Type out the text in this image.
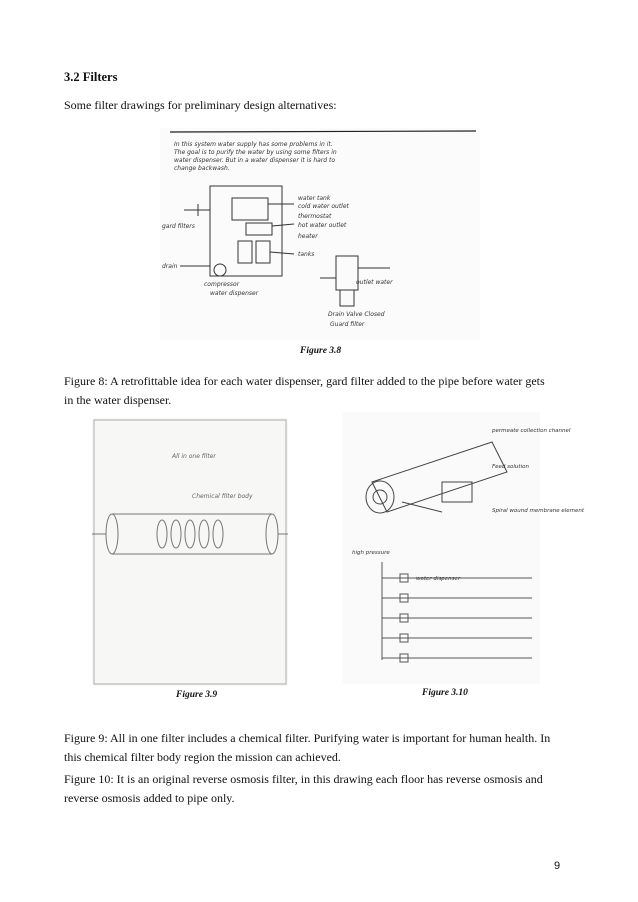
3.2 Filters
Some filter drawings for preliminary design alternatives:
In this system water supply has some problems in it. The goal is to purify the water by using some filters in water dispenser. But in a water dispenser it is hard to change backwash.
water tank
cold water outlet
thermostat
hot water outlet
heater
tanks
gard filters
drain
compressor
water dispenser
outlet water
Drain Valve Closed
Guard filter
Figure 3.8
Figure 8: A retrofittable idea for each water dispenser, gard filter added to the pipe before water gets in the water dispenser.
All in one filter
Chemical filter body
Figure 3.9
permeate collection channel
Feed solution
Spiral wound membrane element
high pressure
water dispenser
Figure 3.10
Figure 9: All in one filter includes a chemical filter. Purifying water is important for human health. In this chemical filter body region the mission can achieved.
Figure 10: It is an original reverse osmosis filter, in this drawing each floor has reverse osmosis and reverse osmosis added to pipe only.
9
